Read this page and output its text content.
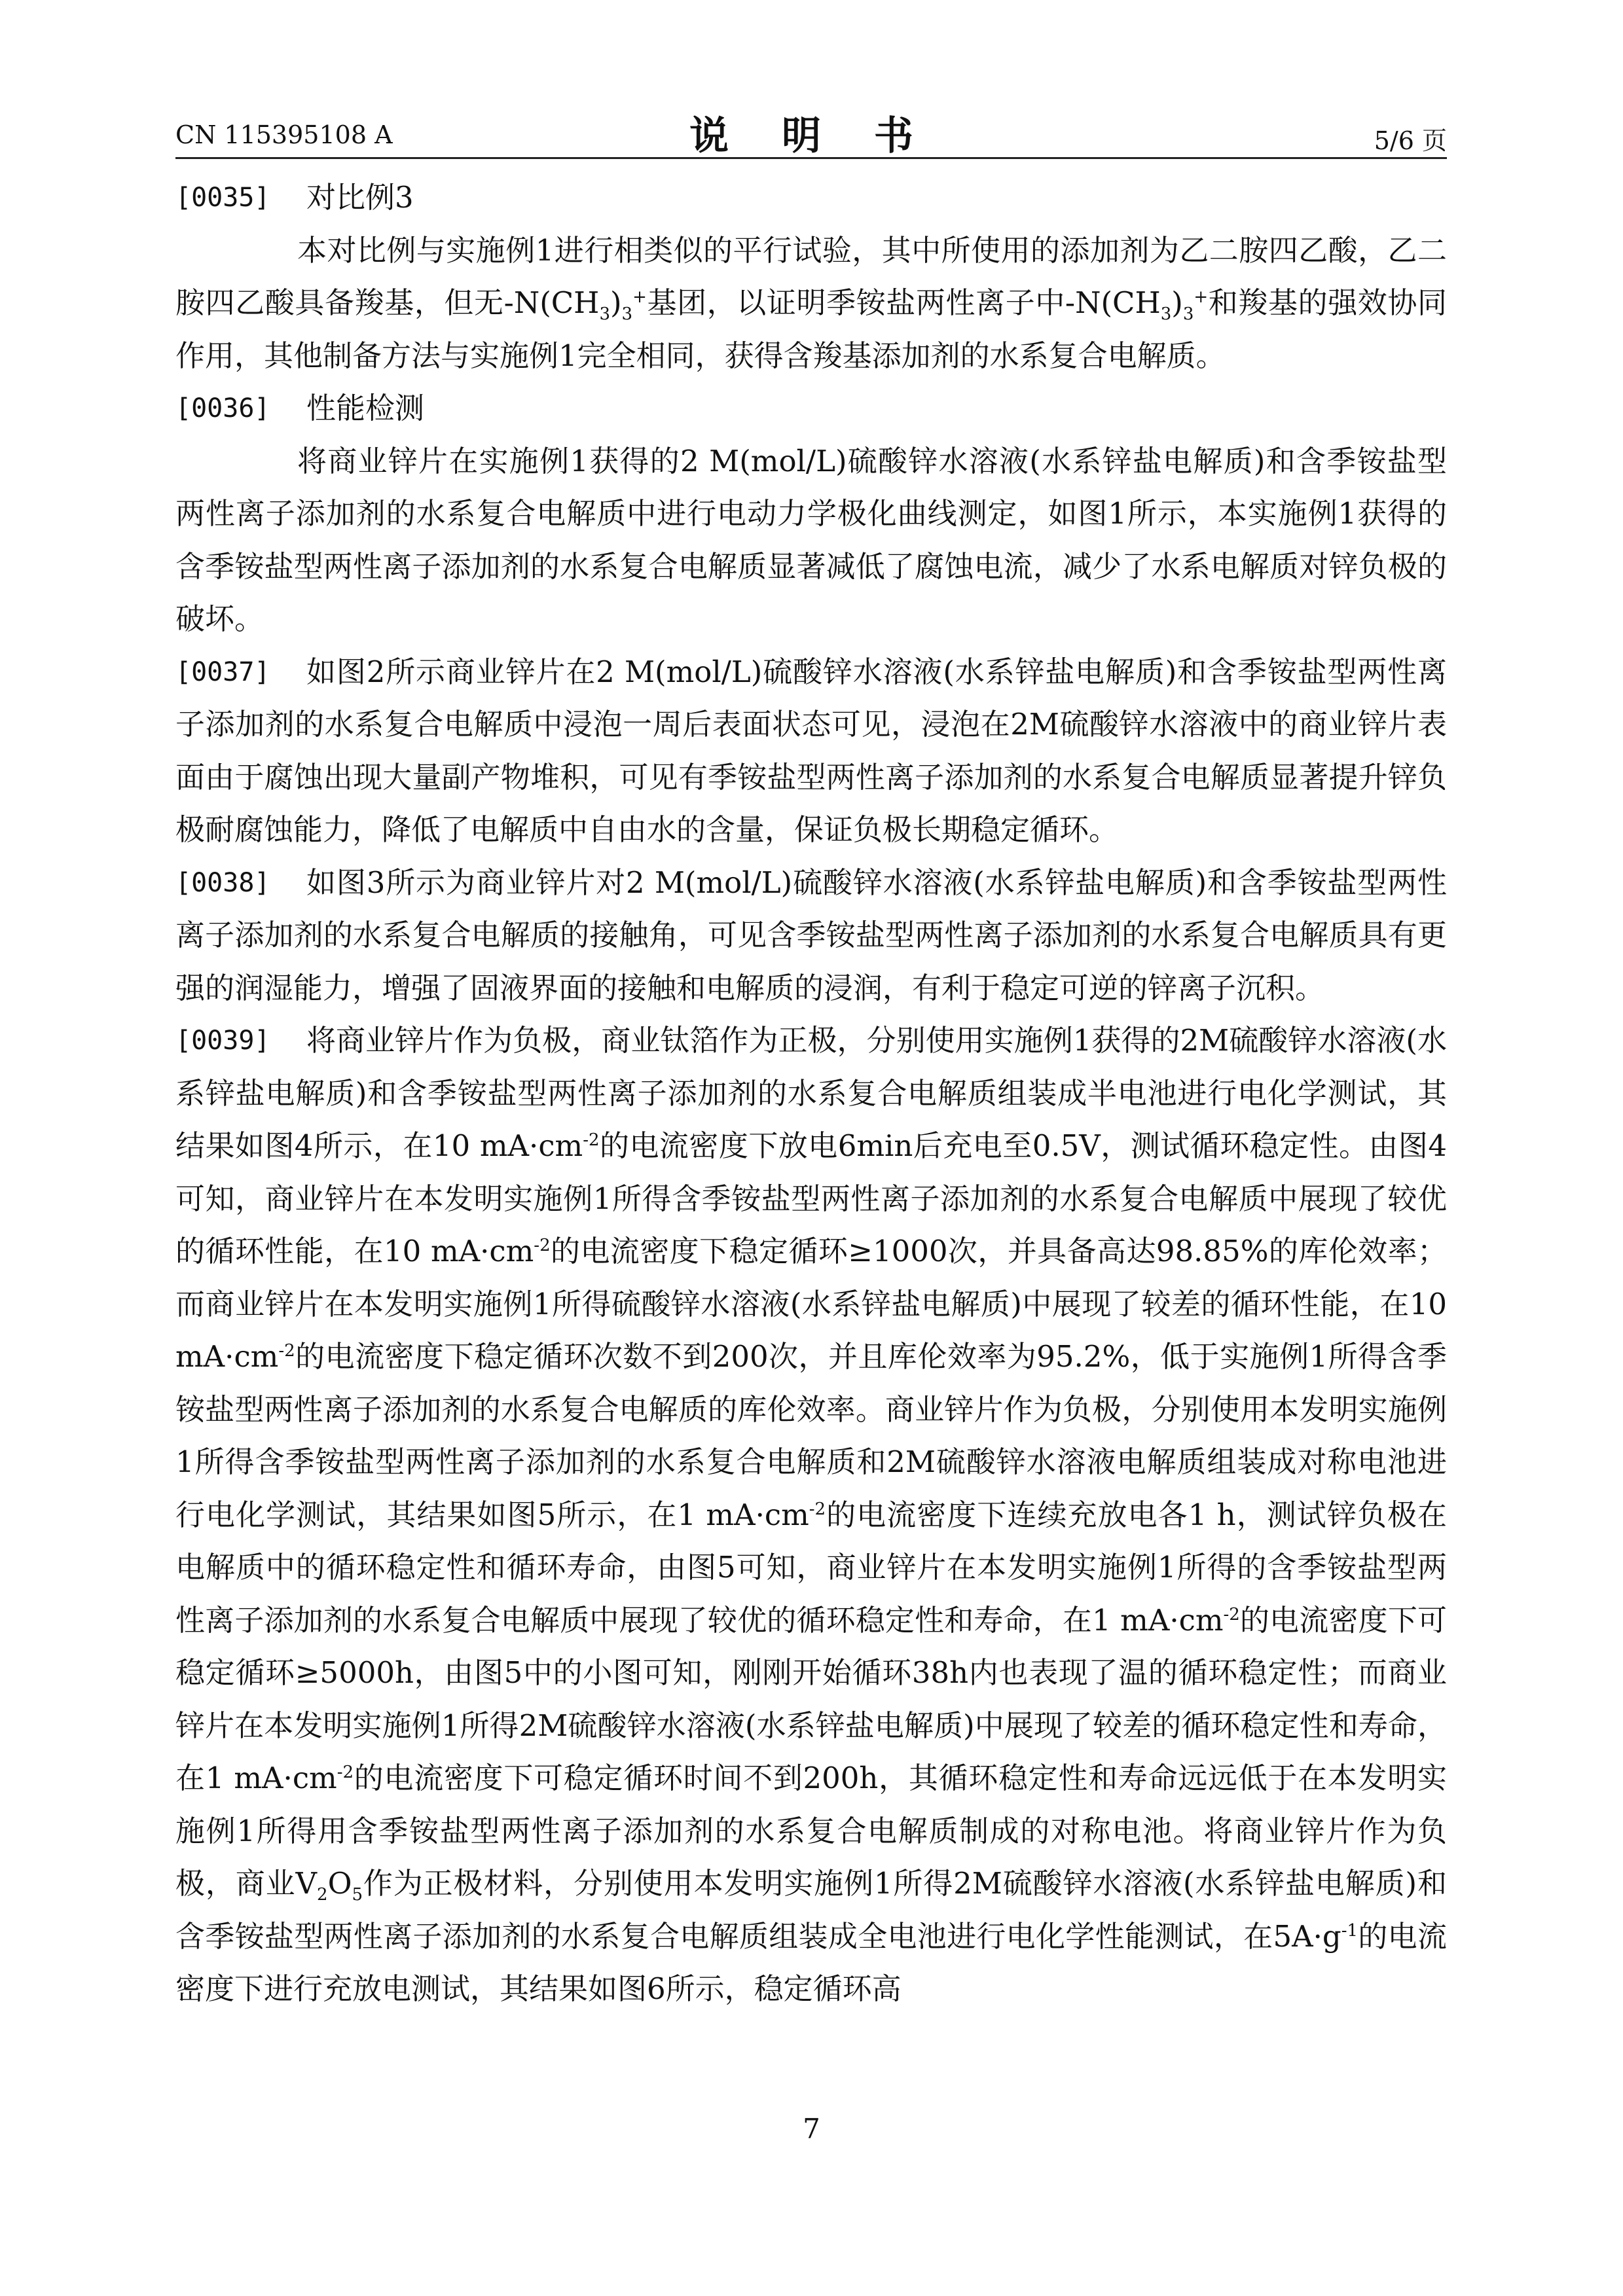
CN 115395108 A	说 明 书	5/6 页
[0035]	对比例3
本对比例与实施例1进行相类似的平行试验，其中所使用的添加剂为乙二胺四乙酸，乙二胺四乙酸具备羧基，但无$-N(CH_3)_3^+$基团，以证明季铵盐两性离子中$-N(CH_3)_3^+$和羧基的强效协同作用，其他制备方法与实施例1完全相同，获得含羧基添加剂的水系复合电解质。
[0036]	性能检测
将商业锌片在实施例1获得的2 M(mol/L)硫酸锌水溶液(水系锌盐电解质)和含季铵盐型两性离子添加剂的水系复合电解质中进行电动力学极化曲线测定，如图1所示，本实施例1获得的含季铵盐型两性离子添加剂的水系复合电解质显著减低了腐蚀电流，减少了水系电解质对锌负极的破坏。
[0037]	如图2所示商业锌片在2 M(mol/L)硫酸锌水溶液(水系锌盐电解质)和含季铵盐型两性离子添加剂的水系复合电解质中浸泡一周后表面状态可见，浸泡在2M硫酸锌水溶液中的商业锌片表面由于腐蚀出现大量副产物堆积，可见有季铵盐型两性离子添加剂的水系复合电解质显著提升锌负极耐腐蚀能力，降低了电解质中自由水的含量，保证负极长期稳定循环。
[0038]	如图3所示为商业锌片对2 M(mol/L)硫酸锌水溶液(水系锌盐电解质)和含季铵盐型两性离子添加剂的水系复合电解质的接触角，可见含季铵盐型两性离子添加剂的水系复合电解质具有更强的润湿能力，增强了固液界面的接触和电解质的浸润，有利于稳定可逆的锌离子沉积。
[0039]	将商业锌片作为负极，商业钛箔作为正极，分别使用实施例1获得的2M硫酸锌水溶液(水系锌盐电解质)和含季铵盐型两性离子添加剂的水系复合电解质组装成半电池进行电化学测试，其结果如图4所示，在10 $mA\cdot cm^{-2}$的电流密度下放电6min后充电至0.5V，测试循环稳定性。由图4可知，商业锌片在本发明实施例1所得含季铵盐型两性离子添加剂的水系复合电解质中展现了较优的循环性能，在10 $mA\cdot cm^{-2}$的电流密度下稳定循环≥1000次，并具备高达98.85%的库伦效率；而商业锌片在本发明实施例1所得硫酸锌水溶液(水系锌盐电解质)中展现了较差的循环性能，在10 $mA\cdot cm^{-2}$的电流密度下稳定循环次数不到200次，并且库伦效率为95.2%，低于实施例1所得含季铵盐型两性离子添加剂的水系复合电解质的库伦效率。商业锌片作为负极，分别使用本发明实施例1所得含季铵盐型两性离子添加剂的水系复合电解质和2M硫酸锌水溶液电解质组装成对称电池进行电化学测试，其结果如图5所示，在1 $mA\cdot cm^{-2}$的电流密度下连续充放电各1 h，测试锌负极在电解质中的循环稳定性和循环寿命，由图5可知，商业锌片在本发明实施例1所得的含季铵盐型两性离子添加剂的水系复合电解质中展现了较优的循环稳定性和寿命，在1 $mA\cdot cm^{-2}$的电流密度下可稳定循环≥5000h，由图5中的小图可知，刚刚开始循环38h内也表现了温的循环稳定性；而商业锌片在本发明实施例1所得2M硫酸锌水溶液(水系锌盐电解质)中展现了较差的循环稳定性和寿命，在1 $mA\cdot cm^{-2}$的电流密度下可稳定循环时间不到200h，其循环稳定性和寿命远远低于在本发明实施例1所得用含季铵盐型两性离子添加剂的水系复合电解质制成的对称电池。将商业锌片作为负极，商业$V_2O_5$作为正极材料，分别使用本发明实施例1所得2M硫酸锌水溶液(水系锌盐电解质)和含季铵盐型两性离子添加剂的水系复合电解质组装成全电池进行电化学性能测试，在$5A\cdot g^{-1}$的电流密度下进行充放电测试，其结果如图6所示，稳定循环高
7
